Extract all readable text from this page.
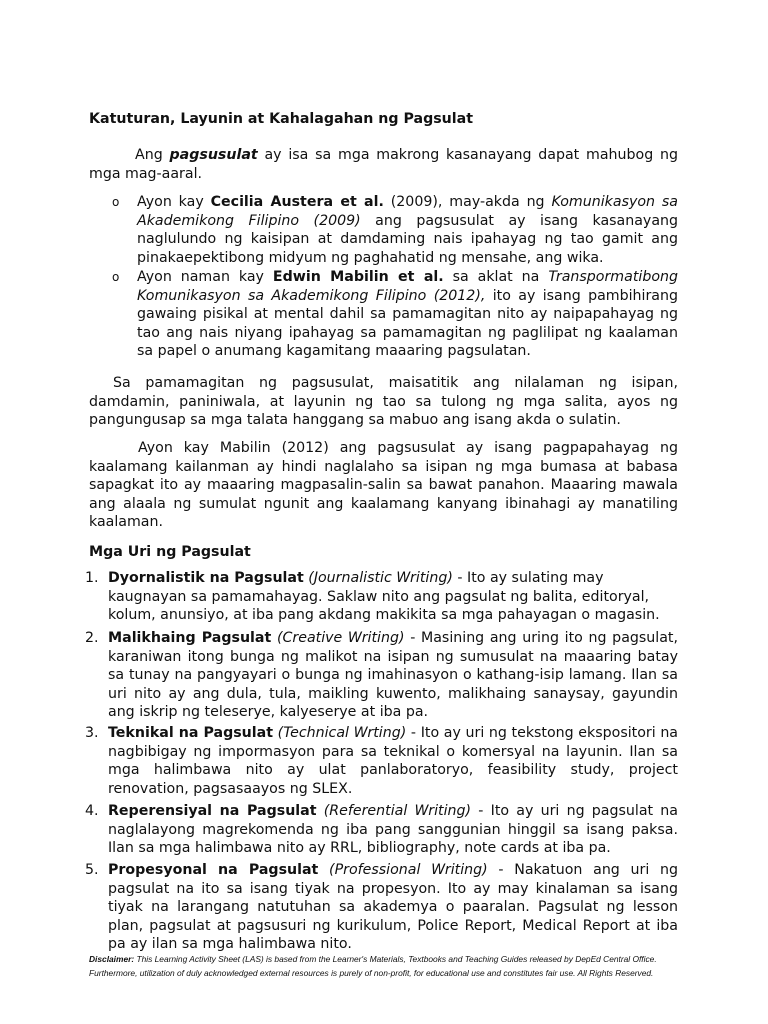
Katuturan, Layunin at Kahalagahan ng Pagsulat
Ang pagsusulat ay isa sa mga makrong kasanayang dapat mahubog ng mga mag-aaral.
o Ayon kay Cecilia Austera et al. (2009), may-akda ng Komunikasyon sa Akademikong Filipino (2009) ang pagsusulat ay isang kasanayang naglulundo ng kaisipan at damdaming nais ipahayag ng tao gamit ang pinakaepektibong midyum ng paghahatid ng mensahe, ang wika.
o Ayon naman kay Edwin Mabilin et al. sa aklat na Transpormatibong Komunikasyon sa Akademikong Filipino (2012), ito ay isang pambihirang gawaing pisikal at mental dahil sa pamamagitan nito ay naipapahayag ng tao ang nais niyang ipahayag sa pamamagitan ng paglilipat ng kaalaman sa papel o anumang kagamitang maaaring pagsulatan.
Sa pamamagitan ng pagsusulat, maisatitik ang nilalaman ng isipan, damdamin, paniniwala, at layunin ng tao sa tulong ng mga salita, ayos ng pangungusap sa mga talata hanggang sa mabuo ang isang akda o sulatin.
Ayon kay Mabilin (2012) ang pagsusulat ay isang pagpapahayag ng kaalamang kailanman ay hindi naglalaho sa isipan ng mga bumasa at babasa sapagkat ito ay maaaring magpasalin-salin sa bawat panahon. Maaaring mawala ang alaala ng sumulat ngunit ang kaalamang kanyang ibinahagi ay manatiling kaalaman.
Mga Uri ng Pagsulat
1. Dyornalistik na Pagsulat (Journalistic Writing) - Ito ay sulating may kaugnayan sa pamamahayag. Saklaw nito ang pagsulat ng balita, editoryal, kolum, anunsiyo, at iba pang akdang makikita sa mga pahayagan o magasin.
2. Malikhaing Pagsulat (Creative Writing) - Masining ang uring ito ng pagsulat, karaniwan itong bunga ng malikot na isipan ng sumusulat na maaaring batay sa tunay na pangyayari o bunga ng imahinasyon o kathang-isip lamang. Ilan sa uri nito ay ang dula, tula, maikling kuwento, malikhaing sanaysay, gayundin ang iskrip ng teleserye, kalyeserye at iba pa.
3. Teknikal na Pagsulat (Technical Wrting) - Ito ay uri ng tekstong ekspositori na nagbibigay ng impormasyon para sa teknikal o komersyal na layunin. Ilan sa mga halimbawa nito ay ulat panlaboratoryo, feasibility study, project renovation, pagsasaayos ng SLEX.
4. Reperensiyal na Pagsulat (Referential Writing) - Ito ay uri ng pagsulat na naglalayong magrekomenda ng iba pang sanggunian hinggil sa isang paksa. Ilan sa mga halimbawa nito ay RRL, bibliography, note cards at iba pa.
5. Propesyonal na Pagsulat (Professional Writing) - Nakatuon ang uri ng pagsulat na ito sa isang tiyak na propesyon. Ito ay may kinalaman sa isang tiyak na larangang natutuhan sa akademya o paaralan. Pagsulat ng lesson plan, pagsulat at pagsusuri ng kurikulum, Police Report, Medical Report at iba pa ay ilan sa mga halimbawa nito.
Disclaimer: This Learning Activity Sheet (LAS) is based from the Learner's Materials, Textbooks and Teaching Guides released by DepEd Central Office. Furthermore, utilization of duly acknowledged external resources is purely of non-profit, for educational use and constitutes fair use. All Rights Reserved.
